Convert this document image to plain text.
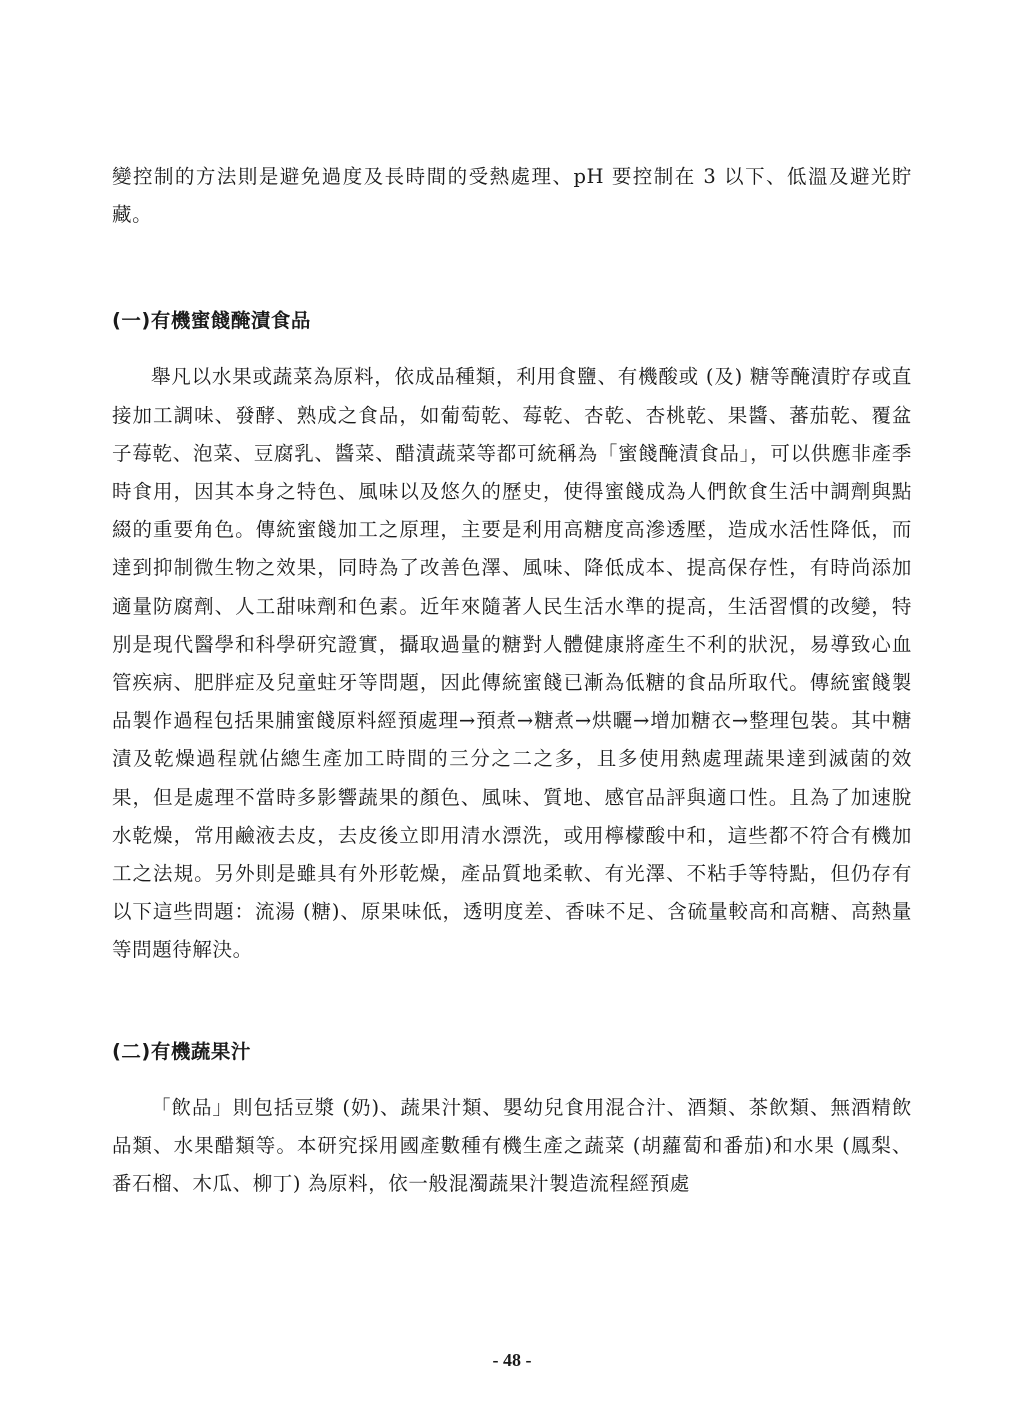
變控制的方法則是避免過度及長時間的受熱處理、pH 要控制在 3 以下、低溫及避光貯藏。

(一)有機蜜餞醃漬食品

舉凡以水果或蔬菜為原料，依成品種類，利用食鹽、有機酸或 (及) 糖等醃漬貯存或直接加工調味、發酵、熟成之食品，如葡萄乾、莓乾、杏乾、杏桃乾、果醬、蕃茄乾、覆盆子莓乾、泡菜、豆腐乳、醬菜、醋漬蔬菜等都可統稱為「蜜餞醃漬食品」，可以供應非產季時食用，因其本身之特色、風味以及悠久的歷史，使得蜜餞成為人們飲食生活中調劑與點綴的重要角色。傳統蜜餞加工之原理，主要是利用高糖度高滲透壓，造成水活性降低，而達到抑制微生物之效果，同時為了改善色澤、風味、降低成本、提高保存性，有時尚添加適量防腐劑、人工甜味劑和色素。近年來隨著人民生活水準的提高，生活習慣的改變，特別是現代醫學和科學研究證實，攝取過量的糖對人體健康將產生不利的狀況，易導致心血管疾病、肥胖症及兒童蛀牙等問題，因此傳統蜜餞已漸為低糖的食品所取代。傳統蜜餞製品製作過程包括果脯蜜餞原料經預處理→預煮→糖煮→烘曬→增加糖衣→整理包裝。其中糖漬及乾燥過程就佔總生產加工時間的三分之二之多，且多使用熱處理蔬果達到滅菌的效果，但是處理不當時多影響蔬果的顏色、風味、質地、感官品評與適口性。且為了加速脫水乾燥，常用鹼液去皮，去皮後立即用清水漂洗，或用檸檬酸中和，這些都不符合有機加工之法規。另外則是雖具有外形乾燥，產品質地柔軟、有光澤、不粘手等特點，但仍存有以下這些問題：流湯 (糖)、原果味低，透明度差、香味不足、含硫量較高和高糖、高熱量等問題待解決。

(二)有機蔬果汁

「飲品」則包括豆漿 (奶)、蔬果汁類、嬰幼兒食用混合汁、酒類、茶飲類、無酒精飲品類、水果醋類等。本研究採用國產數種有機生產之蔬菜 (胡蘿蔔和番茄)和水果 (鳳梨、番石榴、木瓜、柳丁) 為原料，依一般混濁蔬果汁製造流程經預處

- 48 -
